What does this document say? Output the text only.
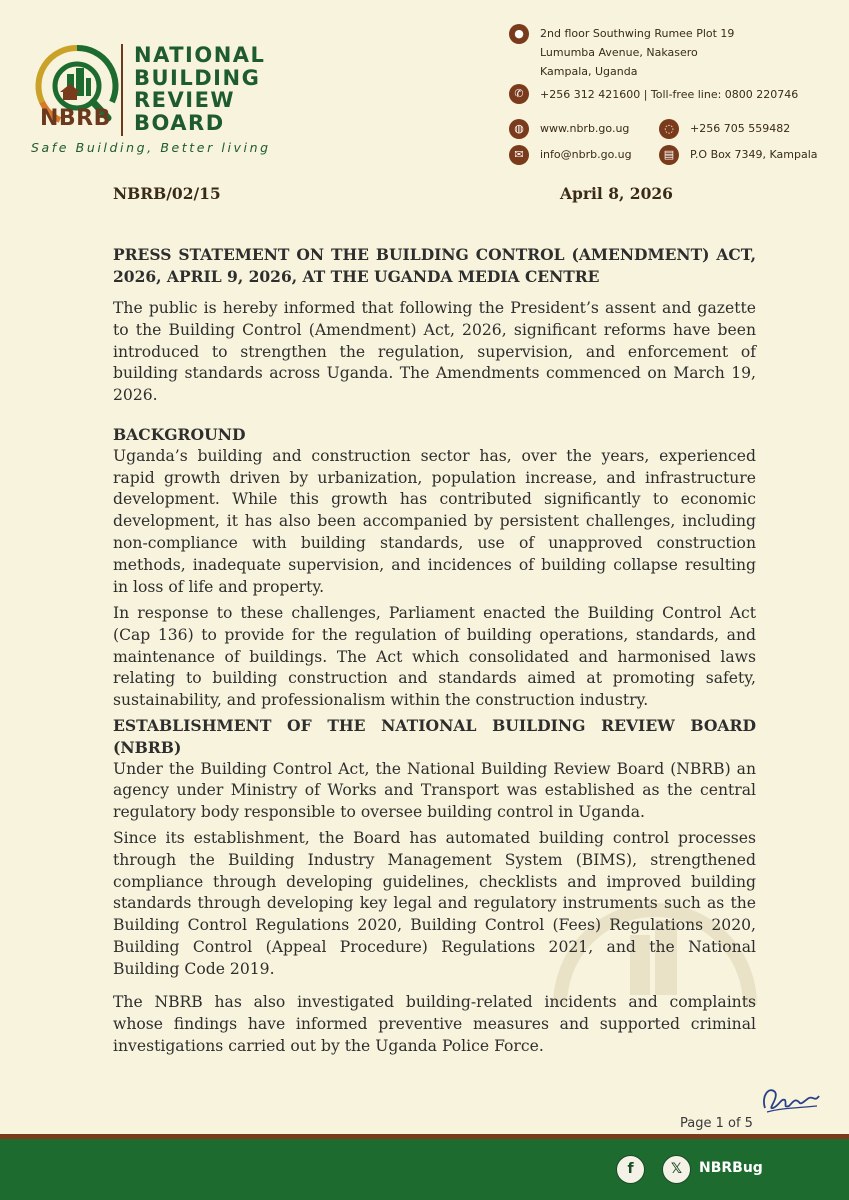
NBRB
NATIONAL
BUILDING
REVIEW
BOARD
Safe Building, Better living
●	2nd floor Southwing Rumee Plot 19
Lumumba Avenue, Nakasero
Kampala, Uganda
✆	+256 312 421600 | Toll-free line: 0800 220746
◍	www.nbrb.go.ug	◌	+256 705 559482
✉	info@nbrb.go.ug	▤	P.O Box 7349, Kampala
NBRB/02/15	April 8, 2026
PRESS STATEMENT ON THE BUILDING CONTROL (AMENDMENT) ACT, 2026, APRIL 9, 2026, AT THE UGANDA MEDIA CENTRE
The public is hereby informed that following the President’s assent and gazette to the Building Control (Amendment) Act, 2026, significant reforms have been introduced to strengthen the regulation, supervision, and enforcement of building standards across Uganda. The Amendments commenced on March 19, 2026.
BACKGROUND
Uganda’s building and construction sector has, over the years, experienced rapid growth driven by urbanization, population increase, and infrastructure development. While this growth has contributed significantly to economic development, it has also been accompanied by persistent challenges, including non-compliance with building standards, use of unapproved construction methods, inadequate supervision, and incidences of building collapse resulting in loss of life and property.
In response to these challenges, Parliament enacted the Building Control Act (Cap 136) to provide for the regulation of building operations, standards, and maintenance of buildings. The Act which consolidated and harmonised laws relating to building construction and standards aimed at promoting safety, sustainability, and professionalism within the construction industry.
ESTABLISHMENT OF THE NATIONAL BUILDING REVIEW BOARD (NBRB)
Under the Building Control Act, the National Building Review Board (NBRB) an agency under Ministry of Works and Transport was established as the central regulatory body responsible to oversee building control in Uganda.
Since its establishment, the Board has automated building control processes through the Building Industry Management System (BIMS), strengthened compliance through developing guidelines, checklists and improved building standards through developing key legal and regulatory instruments such as the Building Control Regulations 2020, Building Control (Fees) Regulations 2020, Building Control (Appeal Procedure) Regulations 2021, and the National Building Code 2019.
The NBRB has also investigated building-related incidents and complaints whose findings have informed preventive measures and supported criminal investigations carried out by the Uganda Police Force.
Page 1 of 5
f	𝕏	NBRBug
